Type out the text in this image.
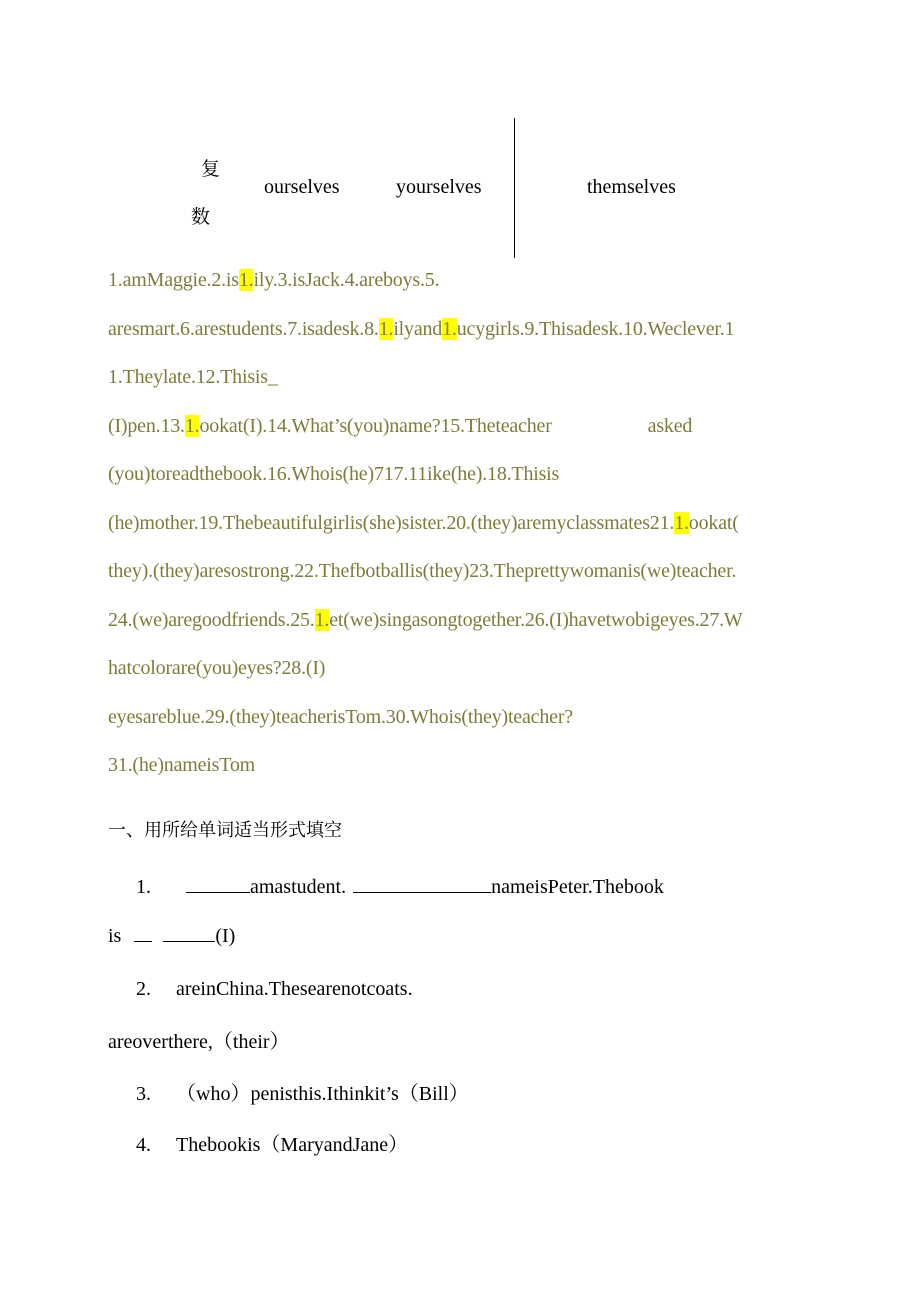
复
数
ourselves	yourselves	themselves

1.amMaggie.2.is1.ily.3.isJack.4.areboys.5.

aresmart.6.arestudents.7.isadesk.8.1.ilyand1.ucygirls.9.Thisadesk.10.Weclever.1

1.Theylate.12.Thisis_

(I)pen.13.1.ookat(I).14.What’s(you)name?15.Theteacher	asked

(you)toreadthebook.16.Whois(he)717.11ike(he).18.Thisis

(he)mother.19.Thebeautifulgirlis(she)sister.20.(they)aremyclassmates21.1.ookat(

they).(they)aresostrong.22.Thefbotballis(they)23.Theprettywomanis(we)teacher.

24.(we)aregoodfriends.25.1.et(we)singasongtogether.26.(I)havetwobigeyes.27.W

hatcolorare(you)eyes?28.(I)

eyesareblue.29.(they)teacherisTom.30.Whois(they)teacher?

31.(he)nameisTom

一、用所给单词适当形式填空
1.	amastudent.	nameisPeter.Thebook
is	(I)
2. areinChina.Thesearenotcoats.
areoverthere,（their）
3. （who）penisthis.Ithinkit’s（Bill）
4. Thebookis（MaryandJane）
